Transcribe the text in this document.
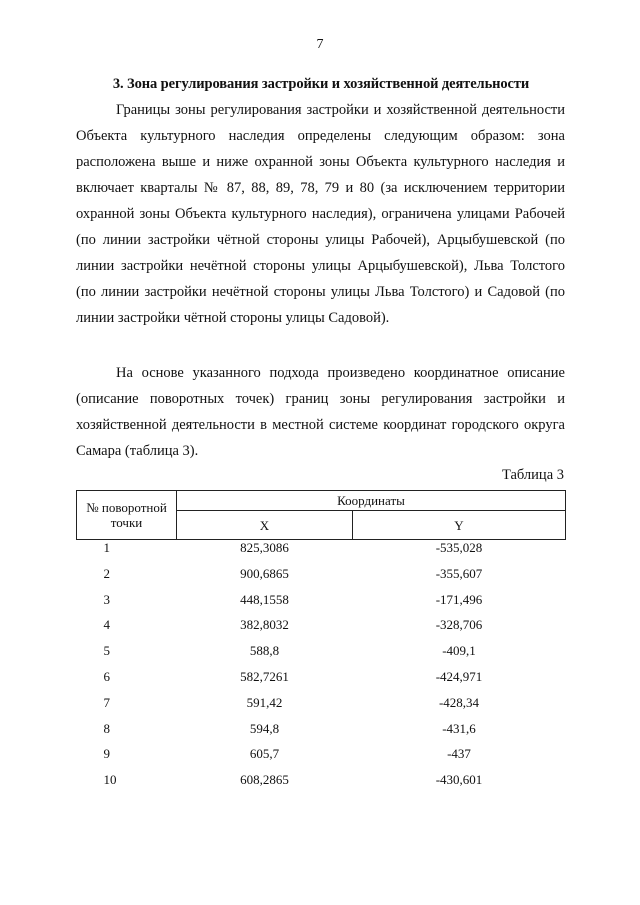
7
3. Зона регулирования застройки и хозяйственной деятельности

Границы зоны регулирования застройки и хозяйственной деятельности Объекта культурного наследия определены следующим образом: зона расположена выше и ниже охранной зоны Объекта культурного наследия и включает кварталы № 87, 88, 89, 78, 79 и 80 (за исключением территории охранной зоны Объекта культурного наследия), ограничена улицами Рабочей (по линии застройки чётной стороны улицы Рабочей), Арцыбушевской (по линии застройки нечётной стороны улицы Арцыбушевской), Льва Толстого (по линии застройки нечётной стороны улицы Льва Толстого) и Садовой (по линии застройки чётной стороны улицы Садовой).

На основе указанного подхода произведено координатное описание (описание поворотных точек) границ зоны регулирования застройки и хозяйственной деятельности в местной системе координат городского округа Самара (таблица 3).

Таблица 3
№ поворотной точки	Координаты	
	X	Y
1	825,3086	-535,028
2	900,6865	-355,607
3	448,1558	-171,496
4	382,8032	-328,706
5	588,8	-409,1
6	582,7261	-424,971
7	591,42	-428,34
8	594,8	-431,6
9	605,7	-437
10	608,2865	-430,601
